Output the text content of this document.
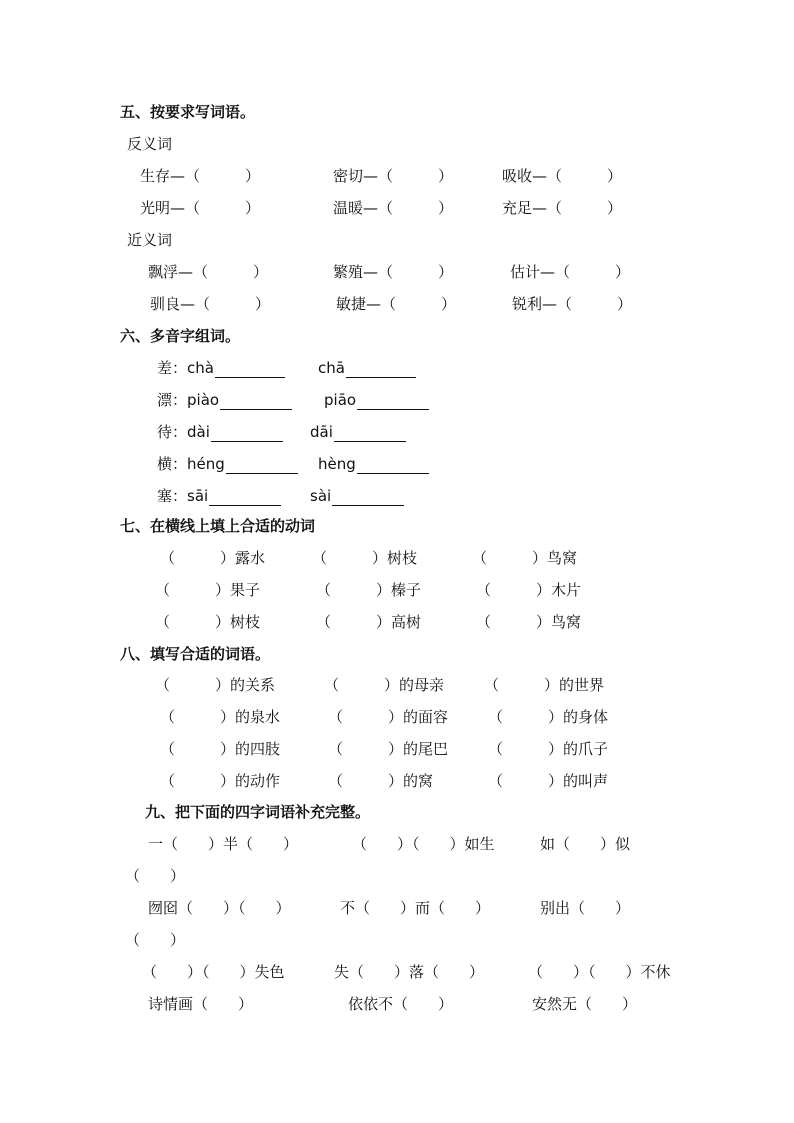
五、按要求写词语。
反义词
生存—（　　　）	密切—（　　　）	吸收—（　　　）
光明—（　　　）	温暖—（　　　）	充足—（　　　）
近义词
飘浮—（　　　）	繁殖—（　　　）	估计—（　　　）
驯良—（　　　）	敏捷—（　　　）	锐利—（　　　）
六、多音字组词。
差：chà	chā
漂：piào	piāo
待：dài	dāi
横：héng	hèng
塞：sāi	sài
七、在横线上填上合适的动词
（　　　）露水	（　　　）树枝	（　　　）鸟窝
（　　　）果子	（　　　）榛子	（　　　）木片
（　　　）树枝	（　　　）高树	（　　　）鸟窝
八、填写合适的词语。
（　　　）的关系	（　　　）的母亲	（　　　）的世界
（　　　）的泉水	（　　　）的面容	（　　　）的身体
（　　　）的四肢	（　　　）的尾巴	（　　　）的爪子
（　　　）的动作	（　　　）的窝	（　　　）的叫声
九、把下面的四字词语补充完整。
一（　　）半（　　）	（　　）（　　）如生	如（　　）似
（　　）
囫囵（　　）（　　）	不（　　）而（　　）	别出（　　）
（　　）
（　　）（　　）失色	失（　　）落（　　）	（　　）（　　）不休
诗情画（　　）	依依不（　　）	安然无（　　）
